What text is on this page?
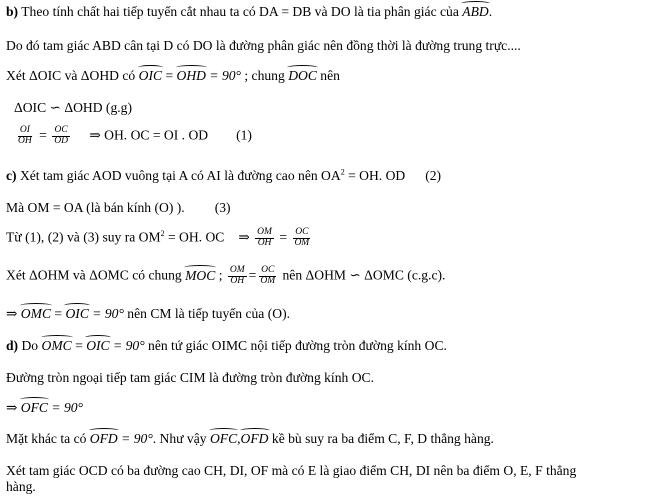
b) Theo tính chất hai tiếp tuyến cắt nhau ta có DA = DB và DO là tia phân giác của ABD.
Do đó tam giác ABD cân tại D có DO là đường phân giác nên đồng thời là đường trung trực....
Xét ΔOIC và ΔOHD có OIC = OHD = 90° ; chung DOC nên
ΔOIC ∽ ΔOHD (g.g)
$\frac{OI}{OH} = \frac{OC}{OD}$ ⇒ OH. OC = OI . OD (1)
c) Xét tam giác AOD vuông tại A có AI là đường cao nên $OA^2$ = OH. OD (2)
Mà OM = OA (là bán kính (O) ). (3)
Từ (1), (2) và (3) suy ra $OM^2$ = OH. OC ⇒ $\frac{OM}{OH} = \frac{OC}{OM}$
Xét ΔOHM và ΔOMC có chung MOC ; $\frac{OM}{OH} = \frac{OC}{OM}$ nên ΔOHM ∽ ΔOMC (c.g.c).
⇒ OMC = OIC = 90° nên CM là tiếp tuyến của (O).
d) Do OMC = OIC = 90° nên tứ giác OIMC nội tiếp đường tròn đường kính OC.
Đường tròn ngoại tiếp tam giác CIM là đường tròn đường kính OC.
⇒ OFC = 90°
Mặt khác ta có OFD = 90°. Như vậy OFC,OFD kề bù suy ra ba điểm C, F, D thẳng hàng.
Xét tam giác OCD có ba đường cao CH, DI, OF mà có E là giao điểm CH, DI nên ba điểm O, E, F thẳng
hàng.
